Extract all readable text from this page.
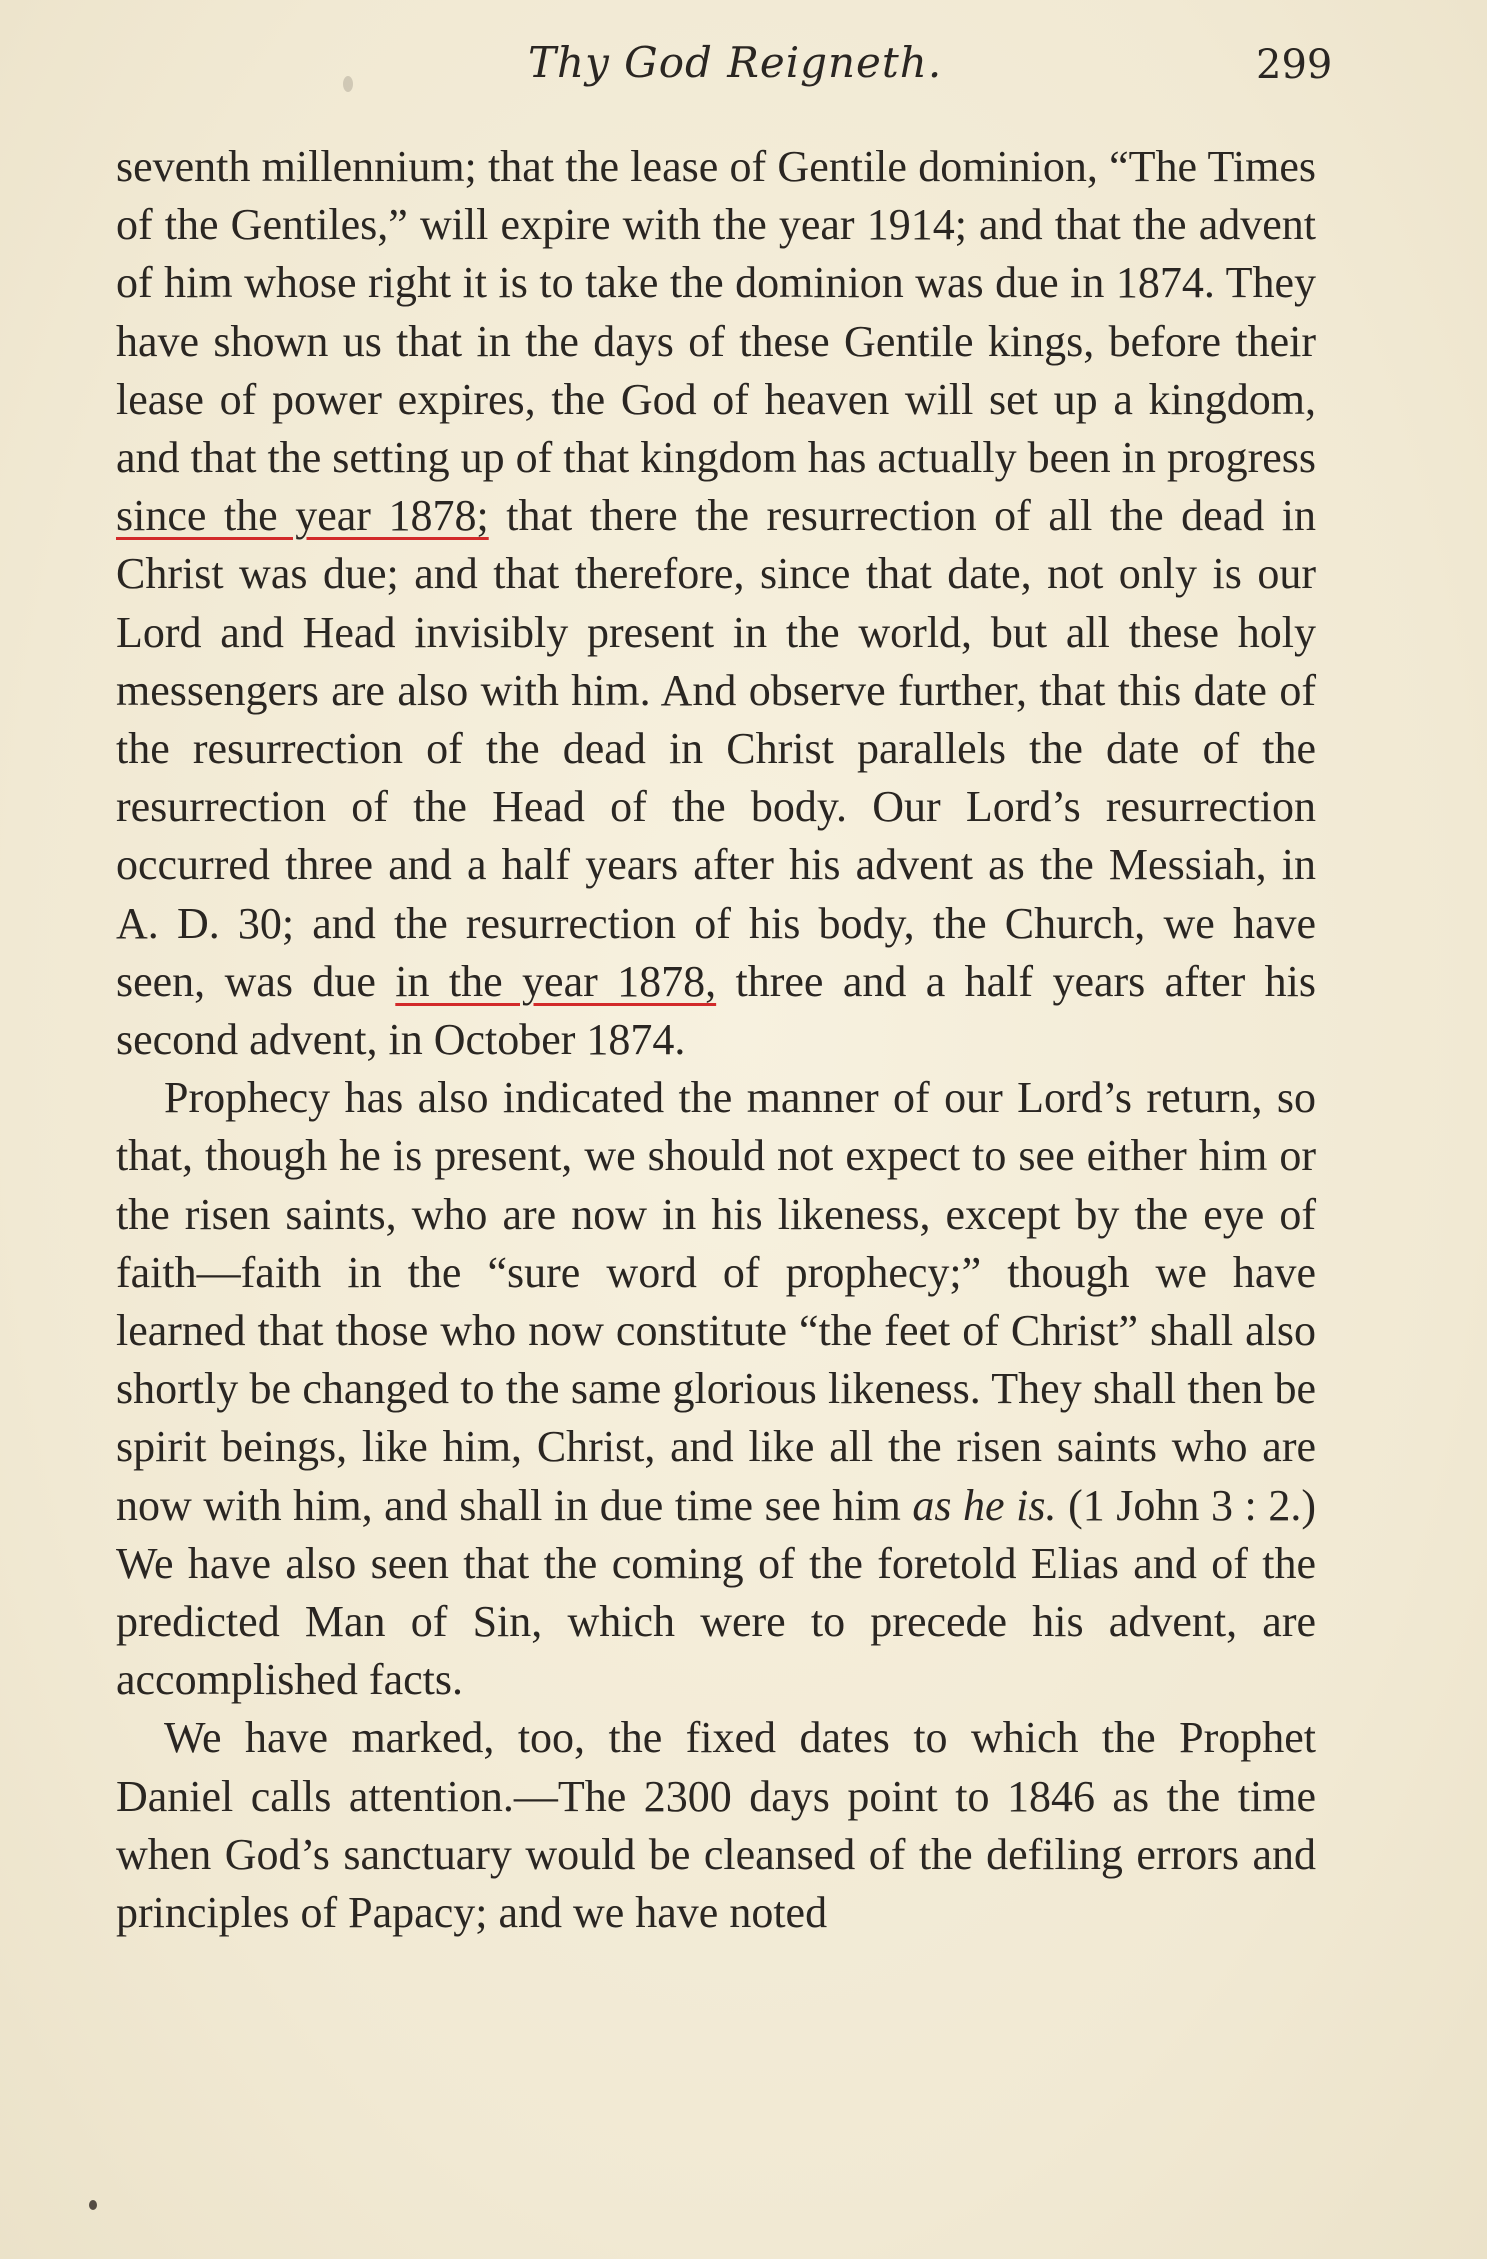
Thy God Reigneth.	299

seventh millennium; that the lease of Gentile dominion, “The Times of the Gentiles,” will expire with the year 1914; and that the advent of him whose right it is to take the dominion was due in 1874. They have shown us that in the days of these Gentile kings, before their lease of power expires, the God of heaven will set up a kingdom, and that the setting up of that kingdom has actually been in progress since the year 1878; that there the resurrection of all the dead in Christ was due; and that therefore, since that date, not only is our Lord and Head invisibly present in the world, but all these holy messengers are also with him. And observe further, that this date of the resurrection of the dead in Christ parallels the date of the resurrection of the Head of the body. Our Lord’s resurrection occurred three and a half years after his advent as the Messiah, in A. D. 30; and the resurrection of his body, the Church, we have seen, was due in the year 1878, three and a half years after his second advent, in October 1874.

Prophecy has also indicated the manner of our Lord’s return, so that, though he is present, we should not expect to see either him or the risen saints, who are now in his likeness, except by the eye of faith—faith in the “sure word of prophecy;” though we have learned that those who now constitute “the feet of Christ” shall also shortly be changed to the same glorious likeness. They shall then be spirit beings, like him, Christ, and like all the risen saints who are now with him, and shall in due time see him as he is. (1 John 3 : 2.) We have also seen that the coming of the foretold Elias and of the predicted Man of Sin, which were to precede his advent, are accomplished facts.

We have marked, too, the fixed dates to which the Prophet Daniel calls attention.—The 2300 days point to 1846 as the time when God’s sanctuary would be cleansed of the defiling errors and principles of Papacy; and we have noted
